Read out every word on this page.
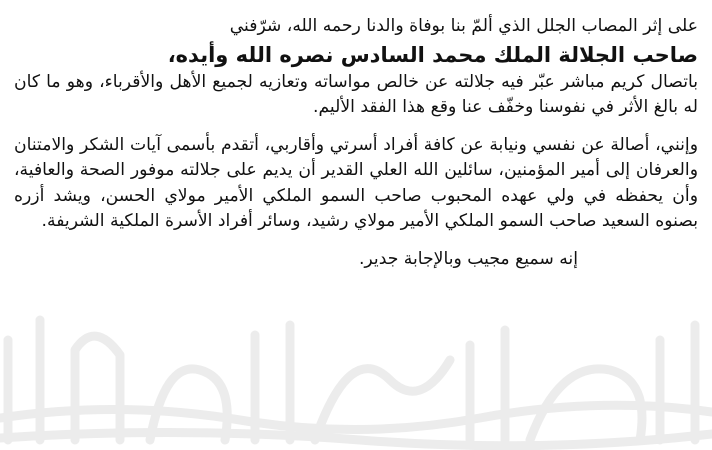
على إثر المصاب الجلل الذي ألمّ بنا بوفاة والدنا رحمه الله، شرّفني

صاحب الجلالة الملك محمد السادس نصره الله وأيده،

باتصال كريم مباشر عبّر فيه جلالته عن خالص مواساته وتعازيه لجميع الأهل والأقرباء، وهو ما كان له بالغ الأثر في نفوسنا وخفّف عنا وقع هذا الفقد الأليم.

وإنني، أصالة عن نفسي ونيابة عن كافة أفراد أسرتي وأقاربي، أتقدم بأسمى آيات الشكر والامتنان والعرفان إلى أمير المؤمنين، سائلين الله العلي القدير أن يديم على جلالته موفور الصحة والعافية، وأن يحفظه في ولي عهده المحبوب صاحب السمو الملكي الأمير مولاي الحسن، ويشد أزره بصنوه السعيد صاحب السمو الملكي الأمير مولاي رشيد، وسائر أفراد الأسرة الملكية الشريفة.

إنه سميع مجيب وبالإجابة جدير.
